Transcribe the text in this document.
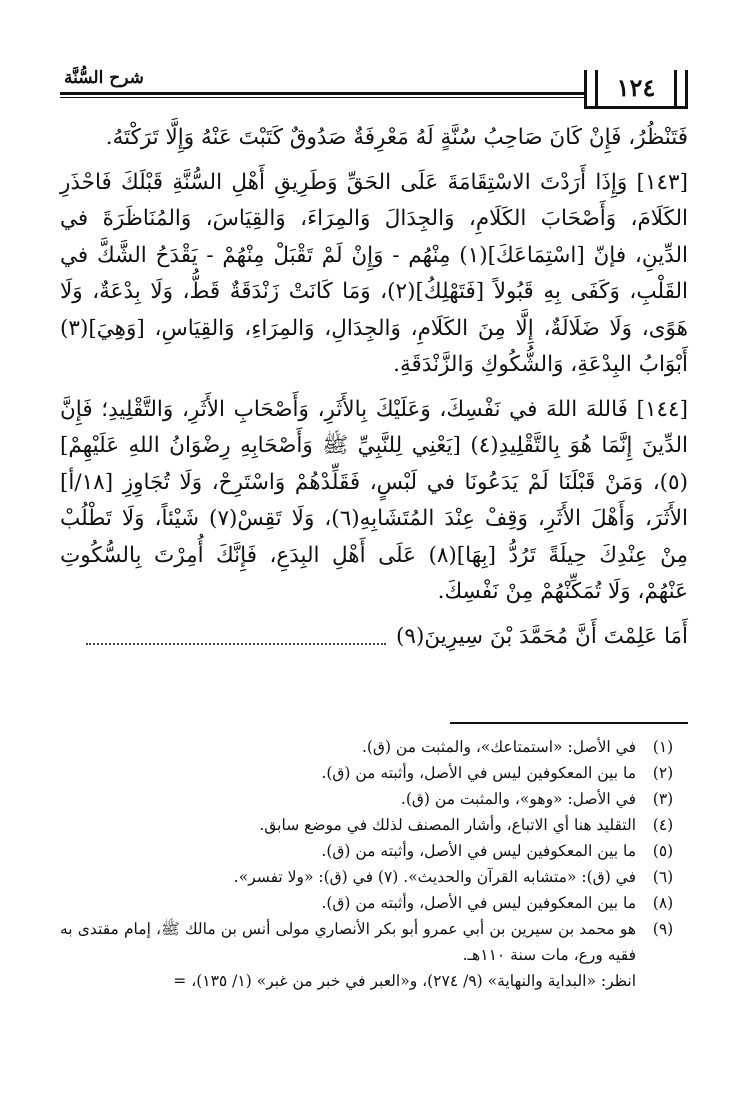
شرح السُّنَّة	١٢٤

فَتَنْظُرُ، فَإِنْ كَانَ صَاحِبُ سُنَّةٍ لَهُ مَعْرِفَةٌ صَدُوقٌ كَتَبْتَ عَنْهُ وَإِلَّا تَرَكْتَهُ.

[١٤٣] وَإِذَا أَرَدْتَ الاسْتِقَامَةَ عَلَى الحَقِّ وَطَرِيقِ أَهْلِ السُّنَّةِ قَبْلَكَ فَاحْذَرِ الكَلَامَ، وَأَصْحَابَ الكَلَامِ، وَالجِدَالَ وَالمِرَاءَ، وَالقِيَاسَ، وَالمُنَاظَرَةَ في الدِّينِ، فإنّ [اسْتِمَاعَكَ](١) مِنْهُم - وَإِنْ لَمْ تَقْبَلْ مِنْهُمْ - يَقْدَحُ الشَّكَّ في القَلْبِ، وَكَفَى بِهِ قَبُولاً [فَتَهْلِكُ](٢)، وَمَا كَانَتْ زَنْدَقَةٌ قَطُّ، وَلَا بِدْعَةٌ، وَلَا هَوًى، وَلَا ضَلَالَةٌ، إِلَّا مِنَ الكَلَامِ، وَالجِدَالِ، وَالمِرَاءِ، وَالقِيَاسِ، [وَهِيَ](٣) أَبْوَابُ البِدْعَةِ، وَالشُّكُوكِ وَالزَّنْدَقَةِ.

[١٤٤] فَاللهَ اللهَ في نَفْسِكَ، وَعَلَيْكَ بِالأَثَرِ، وَأَصْحَابِ الأَثَرِ، وَالتَّقْلِيدِ؛ فَإِنَّ الدِّينَ إِنَّمَا هُوَ بِالتَّقْلِيدِ(٤) [يَعْنِي لِلنَّبِيِّ ﷺ وَأَصْحَابِهِ رِضْوَانُ اللهِ عَلَيْهِمْ](٥)، وَمَنْ قَبْلَنَا لَمْ يَدَعُونَا في لَبْسٍ، فَقَلِّدْهُمْ وَاسْتَرِحْ، وَلَا تُجَاوِزِ [١٨/أ] الأَثَرَ، وَأَهْلَ الأَثَرِ، وَقِفْ عِنْدَ المُتَشَابِهِ(٦)، وَلَا تَقِسْ(٧) شَيْئاً، وَلَا تَطْلُبْ مِنْ عِنْدِكَ حِيلَةً تَرُدُّ [بِهَا](٨) عَلَى أَهْلِ البِدَعِ، فَإِنَّكَ أُمِرْتَ بِالسُّكُوتِ عَنْهُمْ، وَلَا تُمَكِّنْهُمْ مِنْ نَفْسِكَ.

أَمَا عَلِمْتَ أَنَّ مُحَمَّدَ بْنَ سِيرِينَ(٩)

(١)
في الأصل: «استمتاعك»، والمثبت من (ق).
(٢)
ما بين المعكوفين ليس في الأصل، وأثبته من (ق).
(٣)
في الأصل: «وهو»، والمثبت من (ق).
(٤)
التقليد هنا أي الاتباع، وأشار المصنف لذلك في موضع سابق.
(٥)
ما بين المعكوفين ليس في الأصل، وأثبته من (ق).
(٦)
في (ق): «متشابه القرآن والحديث». (٧) في (ق): «ولا تفسر».
(٨)
ما بين المعكوفين ليس في الأصل، وأثبته من (ق).
(٩)
هو محمد بن سيرين بن أبي عمرو أبو بكر الأنصاري مولى أنس بن مالك ﷺ، إمام مقتدى به فقيه ورع، مات سنة ١١٠هـ.
انظر: «البداية والنهاية» (٩/ ٢٧٤)، و«العبر في خبر من غبر» (١/ ١٣٥)، =
